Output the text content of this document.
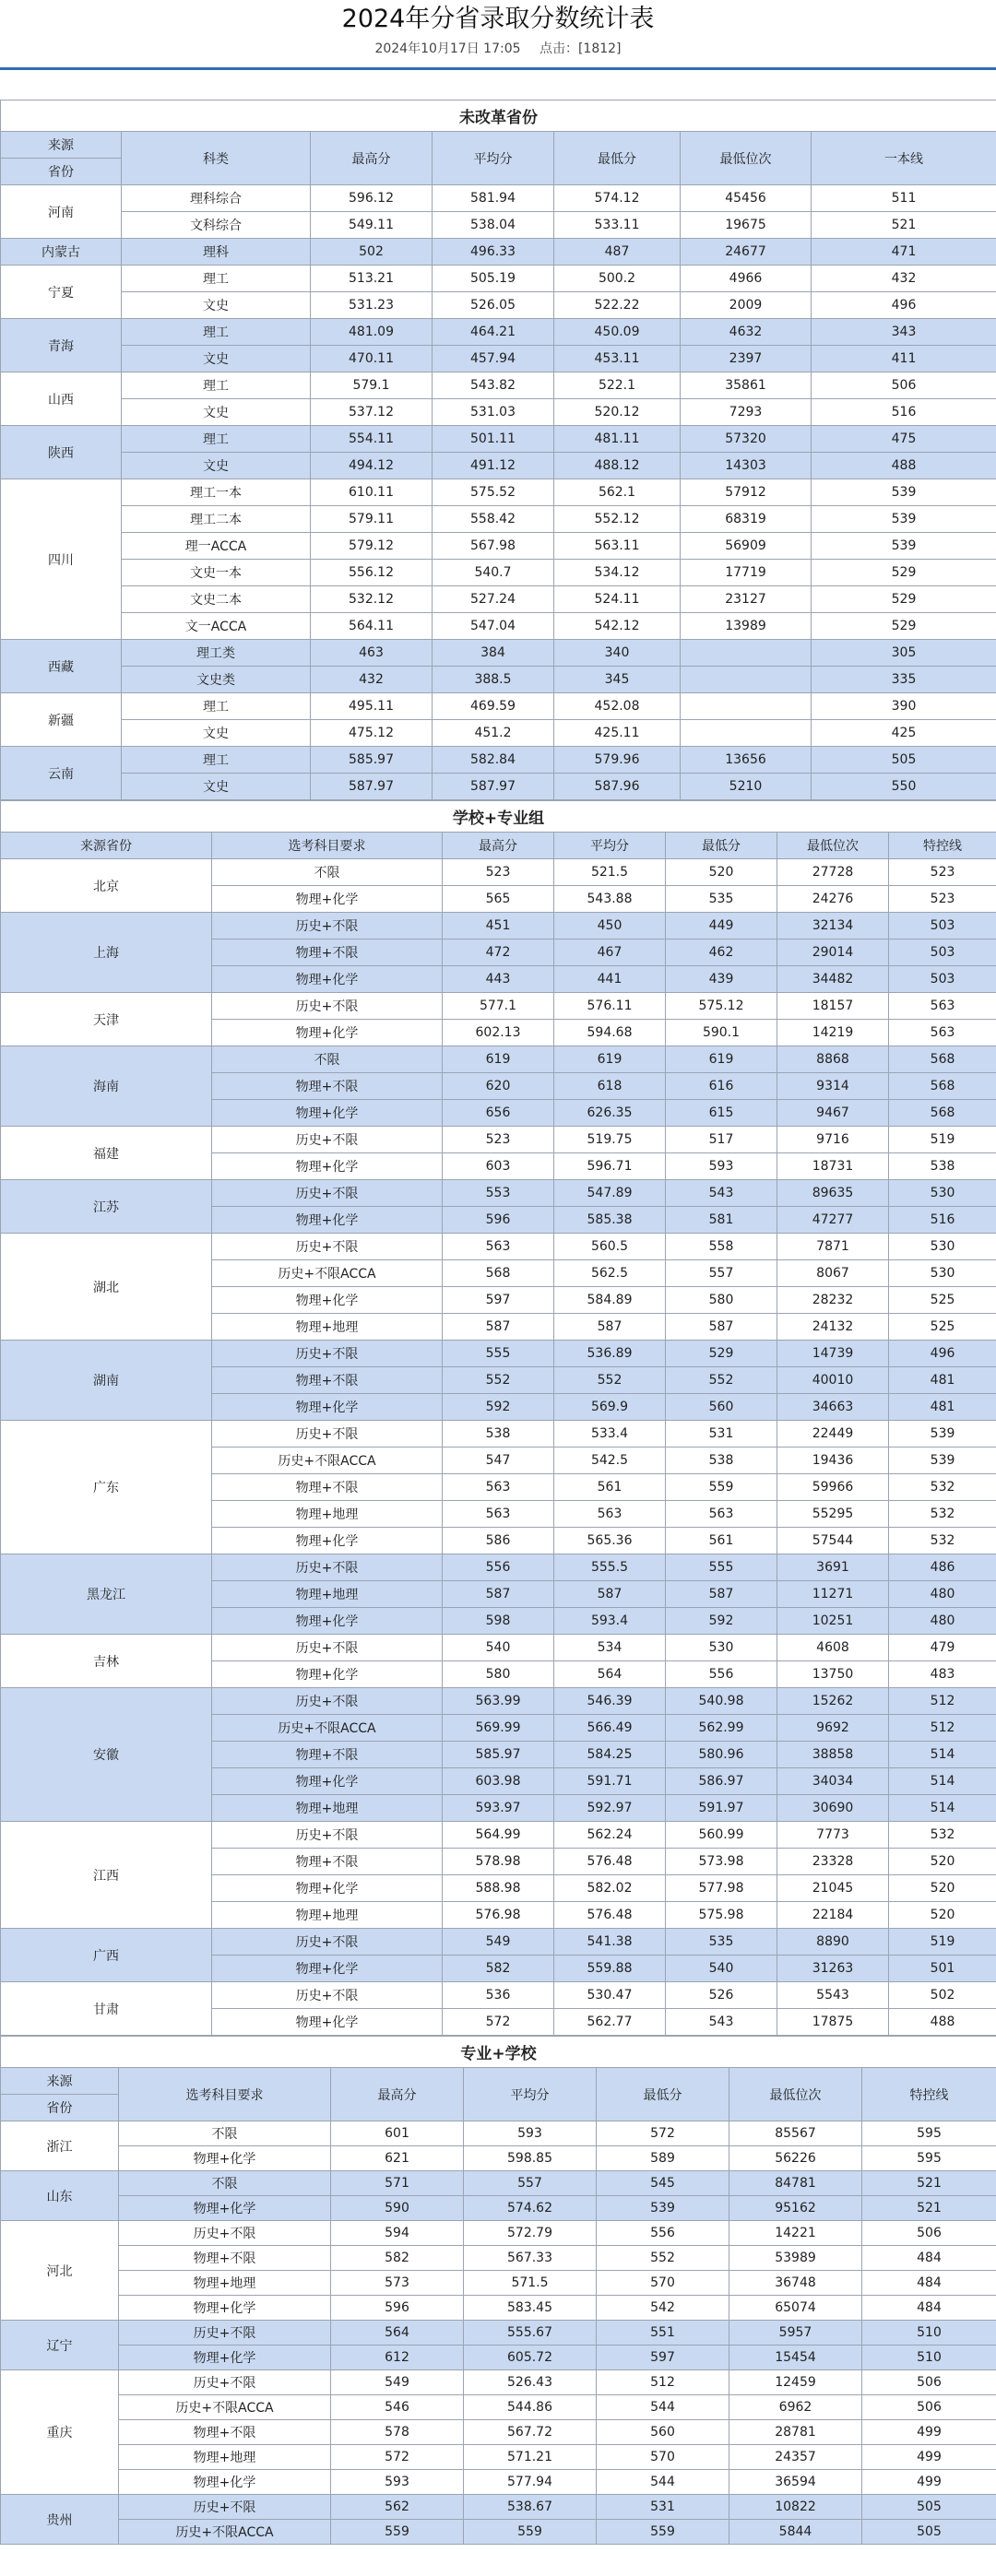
2024年分省录取分数统计表
2024年10月17日 17:05 点击：[1812]
未改革省份						
来源	科类	最高分	平均分	最低分	最低位次	一本线
省份						
河南	理科综合	596.12	581.94	574.12	45456	511
	文科综合	549.11	538.04	533.11	19675	521
内蒙古	理科	502	496.33	487	24677	471
宁夏	理工	513.21	505.19	500.2	4966	432
	文史	531.23	526.05	522.22	2009	496
青海	理工	481.09	464.21	450.09	4632	343
	文史	470.11	457.94	453.11	2397	411
山西	理工	579.1	543.82	522.1	35861	506
	文史	537.12	531.03	520.12	7293	516
陕西	理工	554.11	501.11	481.11	57320	475
	文史	494.12	491.12	488.12	14303	488
四川	理工一本	610.11	575.52	562.1	57912	539
	理工二本	579.11	558.42	552.12	68319	539
	理一ACCA	579.12	567.98	563.11	56909	539
	文史一本	556.12	540.7	534.12	17719	529
	文史二本	532.12	527.24	524.11	23127	529
	文一ACCA	564.11	547.04	542.12	13989	529
西藏	理工类	463	384	340		305
	文史类	432	388.5	345		335
新疆	理工	495.11	469.59	452.08		390
	文史	475.12	451.2	425.11		425
云南	理工	585.97	582.84	579.96	13656	505
	文史	587.97	587.97	587.96	5210	550
学校+专业组						
来源省份	选考科目要求	最高分	平均分	最低分	最低位次	特控线
北京	不限	523	521.5	520	27728	523
	物理+化学	565	543.88	535	24276	523
上海	历史+不限	451	450	449	32134	503
	物理+不限	472	467	462	29014	503
	物理+化学	443	441	439	34482	503
天津	历史+不限	577.1	576.11	575.12	18157	563
	物理+化学	602.13	594.68	590.1	14219	563
海南	不限	619	619	619	8868	568
	物理+不限	620	618	616	9314	568
	物理+化学	656	626.35	615	9467	568
福建	历史+不限	523	519.75	517	9716	519
	物理+化学	603	596.71	593	18731	538
江苏	历史+不限	553	547.89	543	89635	530
	物理+化学	596	585.38	581	47277	516
湖北	历史+不限	563	560.5	558	7871	530
	历史+不限ACCA	568	562.5	557	8067	530
	物理+化学	597	584.89	580	28232	525
	物理+地理	587	587	587	24132	525
湖南	历史+不限	555	536.89	529	14739	496
	物理+不限	552	552	552	40010	481
	物理+化学	592	569.9	560	34663	481
广东	历史+不限	538	533.4	531	22449	539
	历史+不限ACCA	547	542.5	538	19436	539
	物理+不限	563	561	559	59966	532
	物理+地理	563	563	563	55295	532
	物理+化学	586	565.36	561	57544	532
黑龙江	历史+不限	556	555.5	555	3691	486
	物理+地理	587	587	587	11271	480
	物理+化学	598	593.4	592	10251	480
吉林	历史+不限	540	534	530	4608	479
	物理+化学	580	564	556	13750	483
安徽	历史+不限	563.99	546.39	540.98	15262	512
	历史+不限ACCA	569.99	566.49	562.99	9692	512
	物理+不限	585.97	584.25	580.96	38858	514
	物理+化学	603.98	591.71	586.97	34034	514
	物理+地理	593.97	592.97	591.97	30690	514
江西	历史+不限	564.99	562.24	560.99	7773	532
	物理+不限	578.98	576.48	573.98	23328	520
	物理+化学	588.98	582.02	577.98	21045	520
	物理+地理	576.98	576.48	575.98	22184	520
广西	历史+不限	549	541.38	535	8890	519
	物理+化学	582	559.88	540	31263	501
甘肃	历史+不限	536	530.47	526	5543	502
	物理+化学	572	562.77	543	17875	488
专业+学校						
来源	选考科目要求	最高分	平均分	最低分	最低位次	特控线
省份						
浙江	不限	601	593	572	85567	595
	物理+化学	621	598.85	589	56226	595
山东	不限	571	557	545	84781	521
	物理+化学	590	574.62	539	95162	521
河北	历史+不限	594	572.79	556	14221	506
	物理+不限	582	567.33	552	53989	484
	物理+地理	573	571.5	570	36748	484
	物理+化学	596	583.45	542	65074	484
辽宁	历史+不限	564	555.67	551	5957	510
	物理+化学	612	605.72	597	15454	510
重庆	历史+不限	549	526.43	512	12459	506
	历史+不限ACCA	546	544.86	544	6962	506
	物理+不限	578	567.72	560	28781	499
	物理+地理	572	571.21	570	24357	499
	物理+化学	593	577.94	544	36594	499
贵州	历史+不限	562	538.67	531	10822	505
	历史+不限ACCA	559	559	559	5844	505
